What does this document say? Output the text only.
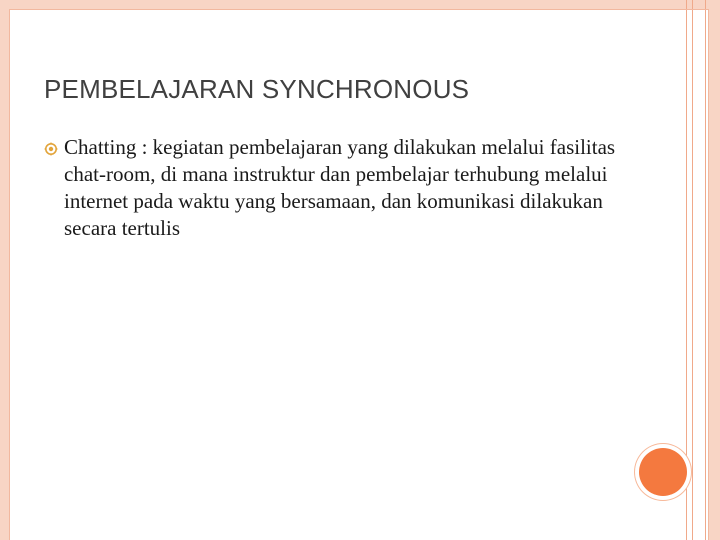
PEMBELAJARAN SYNCHRONOUS
Chatting : kegiatan pembelajaran yang dilakukan melalui fasilitas chat-room, di mana instruktur dan pembelajar terhubung melalui internet pada waktu yang bersamaan, dan komunikasi dilakukan secara tertulis
